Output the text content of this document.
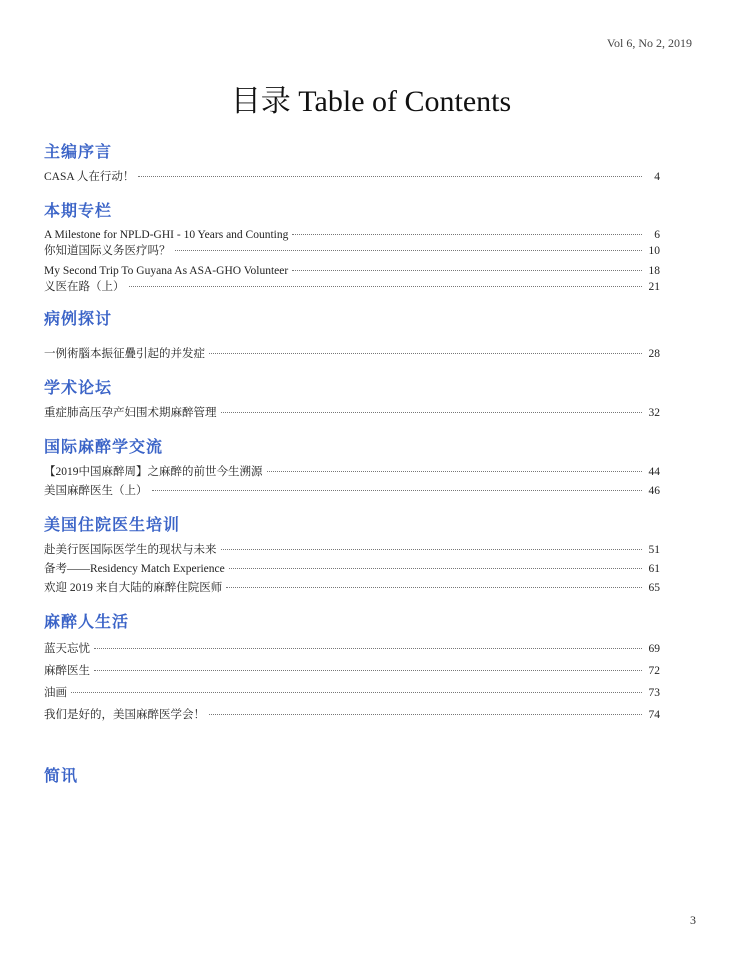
Vol 6, No 2, 2019
目录 Table of Contents
主编序言
CASA 人在行动！	4
本期专栏
A Milestone for NPLD-GHI - 10 Years and Counting	6
你知道国际义务医疗吗？	10
My Second Trip To Guyana As ASA-GHO Volunteer	18
义医在路（上）	21
病例探讨
一例術腦本振征疊引起的并发症	28
学术论坛
重症肺高压孕产妇围术期麻醉管理	32
国际麻醉学交流
【2019中国麻醉周】之麻醉的前世今生溯源	44
美国麻醉医生（上）	46
美国住院医生培训
赴美行医国际医学生的现状与未来	51
备考——Residency Match Experience	61
欢迎 2019 来自大陆的麻醉住院医师	65
麻醉人生活
蓝天忘忧	69
麻醉医生	72
油画	73
我们是好的，美国麻醉医学会！	74
简讯
3
